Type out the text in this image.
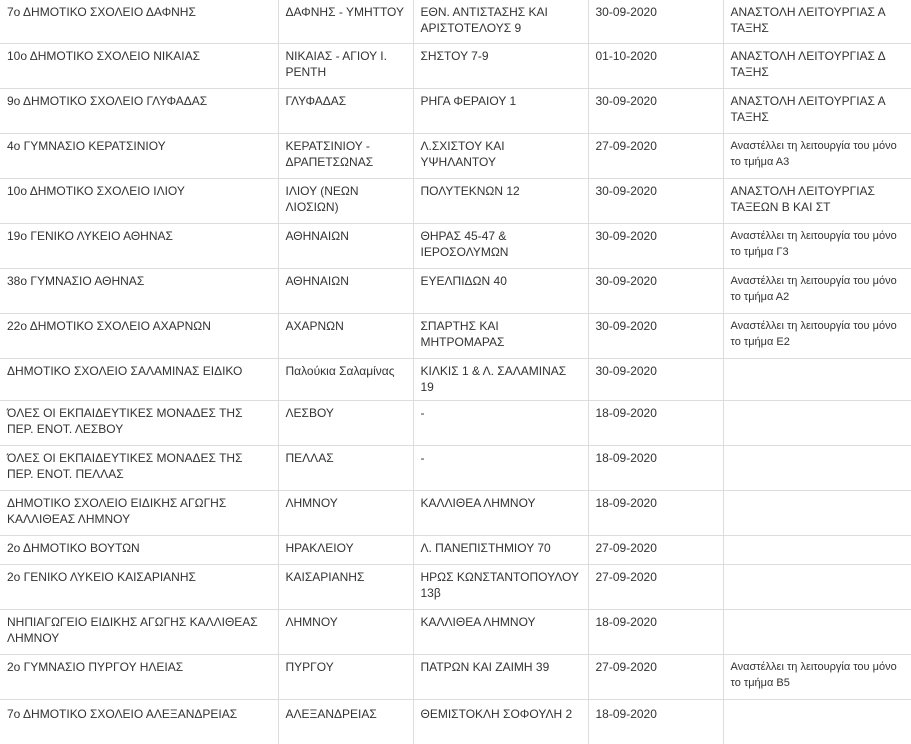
7ο ΔΗΜΟΤΙΚΟ ΣΧΟΛΕΙΟ ΔΑΦΝΗΣ	ΔΑΦΝΗΣ - ΥΜΗΤΤΟΥ	ΕΘΝ. ΑΝΤΙΣΤΑΣΗΣ ΚΑΙ ΑΡΙΣΤΟΤΕΛΟΥΣ 9	30-09-2020	ΑΝΑΣΤΟΛΗ ΛΕΙΤΟΥΡΓΙΑΣ Α ΤΑΞΗΣ
10ο ΔΗΜΟΤΙΚΟ ΣΧΟΛΕΙΟ ΝΙΚΑΙΑΣ	ΝΙΚΑΙΑΣ - ΑΓΙΟΥ Ι. ΡΕΝΤΗ	ΣΗΣΤΟΥ 7-9	01-10-2020	ΑΝΑΣΤΟΛΗ ΛΕΙΤΟΥΡΓΙΑΣ Δ ΤΑΞΗΣ
9ο ΔΗΜΟΤΙΚΟ ΣΧΟΛΕΙΟ ΓΛΥΦΑΔΑΣ	ΓΛΥΦΑΔΑΣ	ΡΗΓΑ ΦΕΡΑΙΟΥ 1	30-09-2020	ΑΝΑΣΤΟΛΗ ΛΕΙΤΟΥΡΓΙΑΣ Α ΤΑΞΗΣ
4ο ΓΥΜΝΑΣΙΟ ΚΕΡΑΤΣΙΝΙΟΥ	ΚΕΡΑΤΣΙΝΙΟΥ - ΔΡΑΠΕΤΣΩΝΑΣ	Λ.ΣΧΙΣΤΟΥ ΚΑΙ ΥΨΗΛΑΝΤΟΥ	27-09-2020	Αναστέλλει τη λειτουργία του μόνο το τμήμα Α3
10ο ΔΗΜΟΤΙΚΟ ΣΧΟΛΕΙΟ ΙΛΙΟΥ	ΙΛΙΟΥ (ΝΕΩΝ ΛΙΟΣΙΩΝ)	ΠΟΛΥΤΕΚΝΩΝ 12	30-09-2020	ΑΝΑΣΤΟΛΗ ΛΕΙΤΟΥΡΓΙΑΣ ΤΑΞΕΩΝ Β ΚΑΙ ΣΤ
19ο ΓΕΝΙΚΟ ΛΥΚΕΙΟ ΑΘΗΝΑΣ	ΑΘΗΝΑΙΩΝ	ΘΗΡΑΣ 45-47 & ΙΕΡΟΣΟΛΥΜΩΝ	30-09-2020	Αναστέλλει τη λειτουργία του μόνο το τμήμα Γ3
38ο ΓΥΜΝΑΣΙΟ ΑΘΗΝΑΣ	ΑΘΗΝΑΙΩΝ	ΕΥΕΛΠΙΔΩΝ 40	30-09-2020	Αναστέλλει τη λειτουργία του μόνο το τμήμα Α2
22ο ΔΗΜΟΤΙΚΟ ΣΧΟΛΕΙΟ ΑΧΑΡΝΩΝ	ΑΧΑΡΝΩΝ	ΣΠΑΡΤΗΣ ΚΑΙ ΜΗΤΡΟΜΑΡΑΣ	30-09-2020	Αναστέλλει τη λειτουργία του μόνο το τμήμα Ε2
ΔΗΜΟΤΙΚΟ ΣΧΟΛΕΙΟ ΣΑΛΑΜΙΝΑΣ ΕΙΔΙΚΟ	Παλούκια Σαλαμίνας	ΚΙΛΚΙΣ 1 & Λ. ΣΑΛΑΜΙΝΑΣ 19	30-09-2020	
ΌΛΕΣ ΟΙ ΕΚΠΑΙΔΕΥΤΙΚΕΣ ΜΟΝΑΔΕΣ ΤΗΣ ΠΕΡ. ΕΝΟΤ. ΛΕΣΒΟΥ	ΛΕΣΒΟΥ	-	18-09-2020	
ΌΛΕΣ ΟΙ ΕΚΠΑΙΔΕΥΤΙΚΕΣ ΜΟΝΑΔΕΣ ΤΗΣ ΠΕΡ. ΕΝΟΤ. ΠΕΛΛΑΣ	ΠΕΛΛΑΣ	-	18-09-2020	
ΔΗΜΟΤΙΚΟ ΣΧΟΛΕΙΟ ΕΙΔΙΚΗΣ ΑΓΩΓΗΣ ΚΑΛΛΙΘΕΑΣ ΛΗΜΝΟΥ	ΛΗΜΝΟΥ	ΚΑΛΛΙΘΕΑ ΛΗΜΝΟΥ	18-09-2020	
2ο ΔΗΜΟΤΙΚΟ ΒΟΥΤΩΝ	ΗΡΑΚΛΕΙΟΥ	Λ. ΠΑΝΕΠΙΣΤΗΜΙΟΥ 70	27-09-2020	
2ο ΓΕΝΙΚΟ ΛΥΚΕΙΟ ΚΑΙΣΑΡΙΑΝΗΣ	ΚΑΙΣΑΡΙΑΝΗΣ	ΗΡΩΣ ΚΩΝΣΤΑΝΤΟΠΟΥΛΟΥ 13β	27-09-2020	
ΝΗΠΙΑΓΩΓΕΙΟ ΕΙΔΙΚΗΣ ΑΓΩΓΗΣ ΚΑΛΛΙΘΕΑΣ ΛΗΜΝΟΥ	ΛΗΜΝΟΥ	ΚΑΛΛΙΘΕΑ ΛΗΜΝΟΥ	18-09-2020	
2ο ΓΥΜΝΑΣΙΟ ΠΥΡΓΟΥ ΗΛΕΙΑΣ	ΠΥΡΓΟΥ	ΠΑΤΡΩΝ ΚΑΙ ΖΑΙΜΗ 39	27-09-2020	Αναστέλλει τη λειτουργία του μόνο το τμήμα Β5
7ο ΔΗΜΟΤΙΚΟ ΣΧΟΛΕΙΟ ΑΛΕΞΑΝΔΡΕΙΑΣ	ΑΛΕΞΑΝΔΡΕΙΑΣ	ΘΕΜΙΣΤΟΚΛΗ ΣΟΦΟΥΛΗ 2	18-09-2020	
